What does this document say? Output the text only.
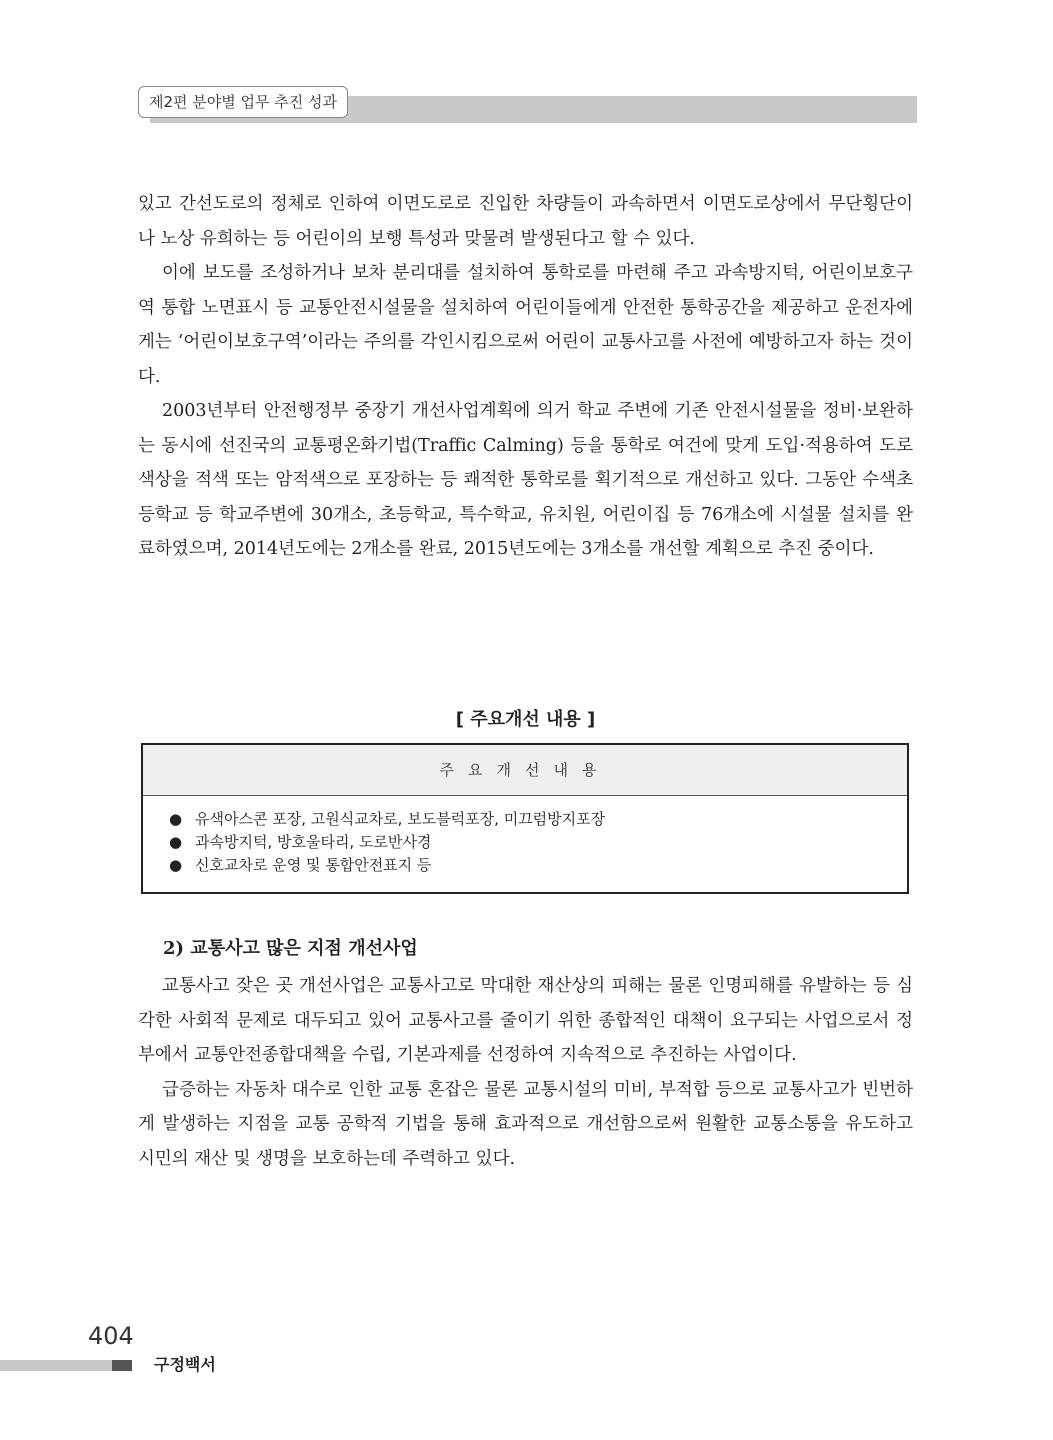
제2편 분야별 업무 추진 성과

있고 간선도로의 정체로 인하여 이면도로로 진입한 차량들이 과속하면서 이면도로상에서 무단횡단이나 노상 유희하는 등 어린이의 보행 특성과 맞물려 발생된다고 할 수 있다.

이에 보도를 조성하거나 보차 분리대를 설치하여 통학로를 마련해 주고 과속방지턱, 어린이보호구역 통합 노면표시 등 교통안전시설물을 설치하여 어린이들에게 안전한 통학공간을 제공하고 운전자에게는 ‘어린이보호구역’이라는 주의를 각인시킴으로써 어린이 교통사고를 사전에 예방하고자 하는 것이다.

2003년부터 안전행정부 중장기 개선사업계획에 의거 학교 주변에 기존 안전시설물을 정비·보완하는 동시에 선진국의 교통평온화기법(Traffic Calming) 등을 통학로 여건에 맞게 도입·적용하여 도로색상을 적색 또는 암적색으로 포장하는 등 쾌적한 통학로를 획기적으로 개선하고 있다. 그동안 수색초등학교 등 학교주변에 30개소, 초등학교, 특수학교, 유치원, 어린이집 등 76개소에 시설물 설치를 완료하였으며, 2014년도에는 2개소를 완료, 2015년도에는 3개소를 개선할 계획으로 추진 중이다.

[ 주요개선 내용 ]
주요개선내용
● 유색아스콘 포장, 고원식교차로, 보도블럭포장, 미끄럼방지포장
● 과속방지턱, 방호울타리, 도로반사경
● 신호교차로 운영 및 통합안전표지 등
2) 교통사고 많은 지점 개선사업

교통사고 잦은 곳 개선사업은 교통사고로 막대한 재산상의 피해는 물론 인명피해를 유발하는 등 심각한 사회적 문제로 대두되고 있어 교통사고를 줄이기 위한 종합적인 대책이 요구되는 사업으로서 정부에서 교통안전종합대책을 수립, 기본과제를 선정하여 지속적으로 추진하는 사업이다.

급증하는 자동차 대수로 인한 교통 혼잡은 물론 교통시설의 미비, 부적합 등으로 교통사고가 빈번하게 발생하는 지점을 교통 공학적 기법을 통해 효과적으로 개선함으로써 원활한 교통소통을 유도하고 시민의 재산 및 생명을 보호하는데 주력하고 있다.

404
구정백서
